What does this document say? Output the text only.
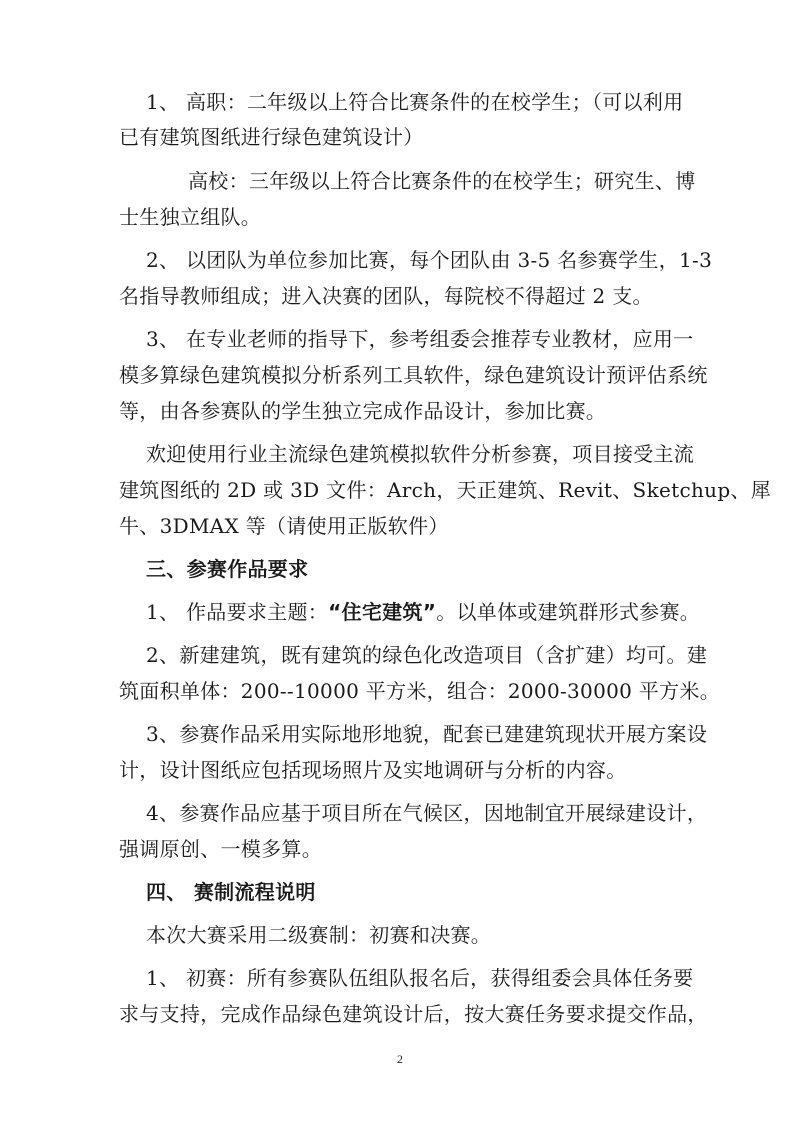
1、 高职：二年级以上符合比赛条件的在校学生；（可以利用
已有建筑图纸进行绿色建筑设计）
高校：三年级以上符合比赛条件的在校学生；研究生、博
士生独立组队。
2、 以团队为单位参加比赛，每个团队由 3-5 名参赛学生，1-3
名指导教师组成；进入决赛的团队，每院校不得超过 2 支。
3、 在专业老师的指导下，参考组委会推荐专业教材，应用一
模多算绿色建筑模拟分析系列工具软件，绿色建筑设计预评估系统
等，由各参赛队的学生独立完成作品设计，参加比赛。
欢迎使用行业主流绿色建筑模拟软件分析参赛，项目接受主流
建筑图纸的 2D 或 3D 文件：Arch，天正建筑、Revit、Sketchup、犀
牛、3DMAX 等（请使用正版软件）
三、参赛作品要求
1、 作品要求主题：“住宅建筑”。以单体或建筑群形式参赛。
2、新建建筑，既有建筑的绿色化改造项目（含扩建）均可。建
筑面积单体：200--10000 平方米，组合：2000-30000 平方米。
3、参赛作品采用实际地形地貌，配套已建建筑现状开展方案设
计，设计图纸应包括现场照片及实地调研与分析的内容。
4、参赛作品应基于项目所在气候区，因地制宜开展绿建设计，
强调原创、一模多算。
四、 赛制流程说明
本次大赛采用二级赛制：初赛和决赛。
1、 初赛：所有参赛队伍组队报名后，获得组委会具体任务要
求与支持，完成作品绿色建筑设计后，按大赛任务要求提交作品，
2
